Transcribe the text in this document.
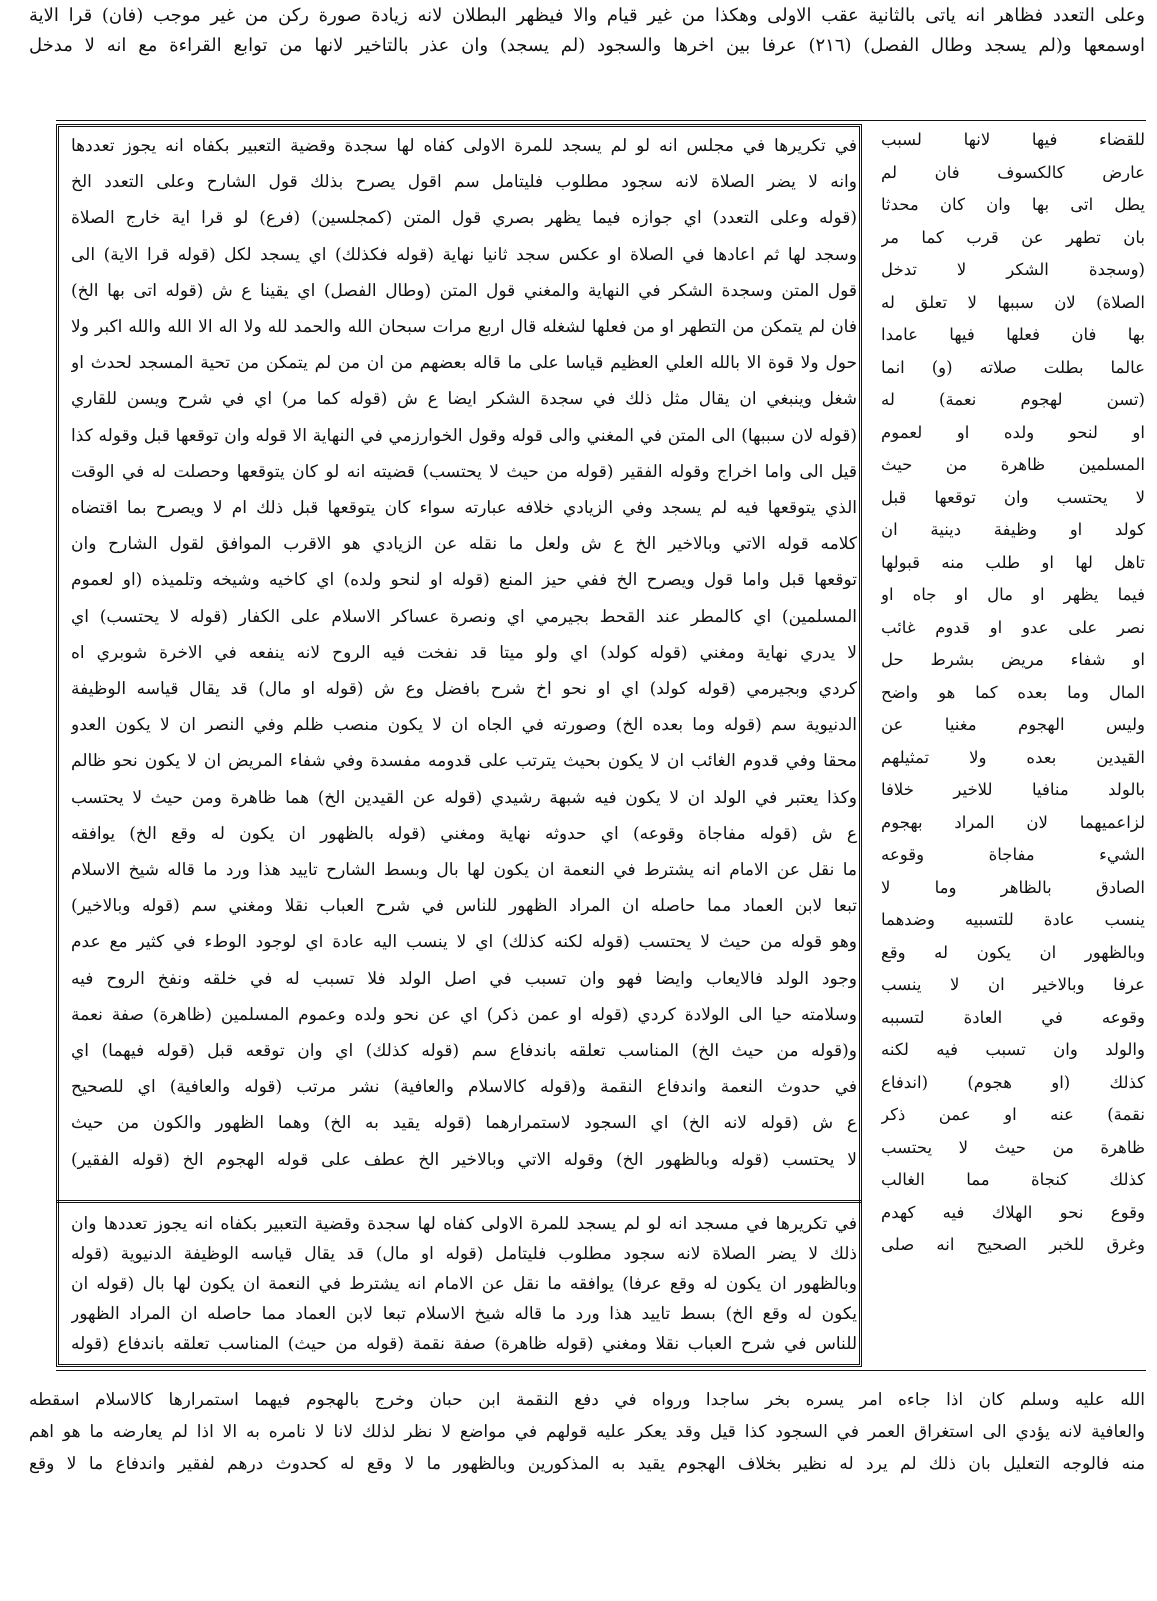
وعلى التعدد فظاهر انه ياتى بالثانية عقب الاولى وهكذا من غير قيام والا فيظهر البطلان لانه زيادة صورة ركن من غير موجب (فان) قرا الاية
اوسمعها و(لم يسجد وطال الفصل) (٢١٦) عرفا بين اخرها والسجود (لم يسجد) وان عذر بالتاخير لانها من توابع القراءة مع انه لا مدخل
للقضاء فيها لانها لسبب
عارض كالكسوف فان لم
يطل اتى بها وان كان محدثا
بان تطهر عن قرب كما مر
(وسجدة الشكر لا تدخل
الصلاة) لان سببها لا تعلق له
بها فان فعلها فيها عامدا
عالما بطلت صلاته (و) انما
(تسن لهجوم نعمة) له
او لنحو ولده او لعموم
المسلمين ظاهرة من حيث
لا يحتسب وان توقعها قبل
كولد او وظيفة دينية ان
تاهل لها او طلب منه قبولها
فيما يظهر او مال او جاه او
نصر على عدو او قدوم غائب
او شفاء مريض بشرط حل
المال وما بعده كما هو واضح
وليس الهجوم مغنيا عن
القيدين بعده ولا تمثيلهم
بالولد منافيا للاخير خلافا
لزاعميهما لان المراد بهجوم
الشيء مفاجاة وقوعه
الصادق بالظاهر وما لا
ينسب عادة للتسبيه وضدهما
وبالظهور ان يكون له وقع
عرفا وبالاخير ان لا ينسب
وقوعه في العادة لتسببه
والولد وان تسبب فيه لكنه
كذلك (او هجوم) (اندفاع
نقمة) عنه او عمن ذكر
ظاهرة من حيث لا يحتسب
كذلك كنجاة مما الغالب
وقوع نحو الهلاك فيه كهدم
وغرق للخبر الصحيح انه صلى
في تكريرها في مجلس انه لو لم يسجد للمرة الاولى كفاه لها سجدة وقضية التعبير بكفاه انه يجوز تعددها
وانه لا يضر الصلاة لانه سجود مطلوب فليتامل سم اقول يصرح بذلك قول الشارح وعلى التعدد الخ
(قوله وعلى التعدد) اي جوازه فيما يظهر بصري قول المتن (كمجلسين) (فرع) لو قرا اية خارج الصلاة
وسجد لها ثم اعادها في الصلاة او عكس سجد ثانيا نهاية (قوله فكذلك) اي يسجد لكل (قوله قرا الاية) الى
قول المتن وسجدة الشكر في النهاية والمغني قول المتن (وطال الفصل) اي يقينا ع ش (قوله اتى بها الخ)
فان لم يتمكن من التطهر او من فعلها لشغله قال اربع مرات سبحان الله والحمد لله ولا اله الا الله والله اكبر ولا
حول ولا قوة الا بالله العلي العظيم قياسا على ما قاله بعضهم من ان من لم يتمكن من تحية المسجد لحدث او
شغل وينبغي ان يقال مثل ذلك في سجدة الشكر ايضا ع ش (قوله كما مر) اي في شرح ويسن للقاري
(قوله لان سببها) الى المتن في المغني والى قوله وقول الخوارزمي في النهاية الا قوله وان توقعها قبل وقوله كذا
قيل الى واما اخراج وقوله الفقير (قوله من حيث لا يحتسب) قضيته انه لو كان يتوقعها وحصلت له في الوقت
الذي يتوقعها فيه لم يسجد وفي الزيادي خلافه عبارته سواء كان يتوقعها قبل ذلك ام لا ويصرح بما اقتضاه
كلامه قوله الاتي وبالاخير الخ ع ش ولعل ما نقله عن الزيادي هو الاقرب الموافق لقول الشارح وان
توقعها قبل واما قول ويصرح الخ ففي حيز المنع (قوله او لنحو ولده) اي كاخيه وشيخه وتلميذه (او لعموم
المسلمين) اي كالمطر عند القحط بجيرمي اي ونصرة عساكر الاسلام على الكفار (قوله لا يحتسب) اي
لا يدري نهاية ومغني (قوله كولد) اي ولو ميتا قد نفخت فيه الروح لانه ينفعه في الاخرة شوبري اه
كردي وبجيرمي (قوله كولد) اي او نحو اخ شرح بافضل وع ش (قوله او مال) قد يقال قياسه الوظيفة
الدنيوية سم (قوله وما بعده الخ) وصورته في الجاه ان لا يكون منصب ظلم وفي النصر ان لا يكون العدو
محقا وفي قدوم الغائب ان لا يكون بحيث يترتب على قدومه مفسدة وفي شفاء المريض ان لا يكون نحو ظالم
وكذا يعتبر في الولد ان لا يكون فيه شبهة رشيدي (قوله عن القيدين الخ) هما ظاهرة ومن حيث لا يحتسب
ع ش (قوله مفاجاة وقوعه) اي حدوثه نهاية ومغني (قوله بالظهور ان يكون له وقع الخ) يوافقه
ما نقل عن الامام انه يشترط في النعمة ان يكون لها بال وبسط الشارح تاييد هذا ورد ما قاله شيخ الاسلام
تبعا لابن العماد مما حاصله ان المراد الظهور للناس في شرح العباب نقلا ومغني سم (قوله وبالاخير)
وهو قوله من حيث لا يحتسب (قوله لكنه كذلك) اي لا ينسب اليه عادة اي لوجود الوطء في كثير مع عدم
وجود الولد فالايعاب وايضا فهو وان تسبب في اصل الولد فلا تسبب له في خلقه ونفخ الروح فيه
وسلامته حيا الى الولادة كردي (قوله او عمن ذكر) اي عن نحو ولده وعموم المسلمين (ظاهرة) صفة نعمة
و(قوله من حيث الخ) المناسب تعلقه باندفاع سم (قوله كذلك) اي وان توقعه قبل (قوله فيهما) اي
في حدوث النعمة واندفاع النقمة و(قوله كالاسلام والعافية) نشر مرتب (قوله والعافية) اي للصحيح
ع ش (قوله لانه الخ) اي السجود لاستمرارهما (قوله يقيد به الخ) وهما الظهور والكون من حيث
لا يحتسب (قوله وبالظهور الخ) وقوله الاتي وبالاخير الخ عطف على قوله الهجوم الخ (قوله الفقير)
في تكريرها في مسجد انه لو لم يسجد للمرة الاولى كفاه لها سجدة وقضية التعبير بكفاه انه يجوز تعددها وان
ذلك لا يضر الصلاة لانه سجود مطلوب فليتامل (قوله او مال) قد يقال قياسه الوظيفة الدنيوية (قوله
وبالظهور ان يكون له وقع عرفا) يوافقه ما نقل عن الامام انه يشترط في النعمة ان يكون لها بال (قوله ان
يكون له وقع الخ) بسط تاييد هذا ورد ما قاله شيخ الاسلام تبعا لابن العماد مما حاصله ان المراد الظهور
للناس في شرح العباب نقلا ومغني (قوله ظاهرة) صفة نقمة (قوله من حيث) المناسب تعلقه باندفاع (قوله
الله عليه وسلم كان اذا جاءه امر يسره بخر ساجدا ورواه في دفع النقمة ابن حبان وخرج بالهجوم فيهما استمرارها كالاسلام اسقطه
والعافية لانه يؤدي الى استغراق العمر في السجود كذا قيل وقد يعكر عليه قولهم في مواضع لا نظر لذلك لانا لا نامره به الا اذا لم يعارضه ما هو اهم
منه فالوجه التعليل بان ذلك لم يرد له نظير بخلاف الهجوم يقيد به المذكورين وبالظهور ما لا وقع له كحدوث درهم لفقير واندفاع ما لا وقع
